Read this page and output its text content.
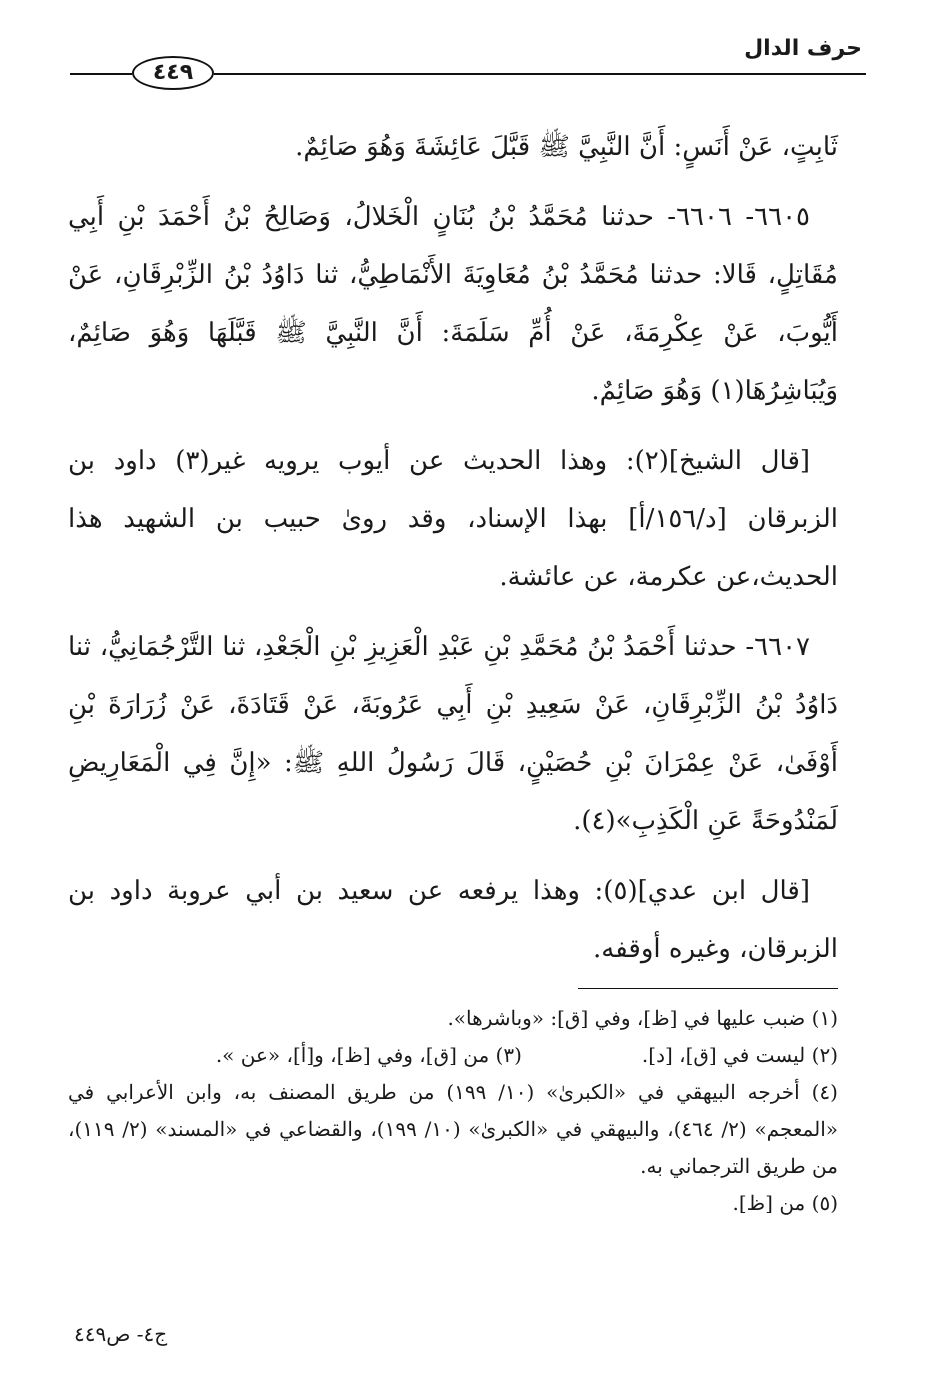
حرف الدال
٤٤٩

ثَابِتٍ، عَنْ أَنَسٍ: أَنَّ النَّبِيَّ ﷺ قَبَّلَ عَائِشَةَ وَهُوَ صَائِمٌ.

٦٦٠٥- ٦٦٠٦- حدثنا مُحَمَّدُ بْنُ بُنَانٍ الْخَلالُ، وَصَالِحُ بْنُ أَحْمَدَ بْنِ أَبِي مُقَاتِلٍ، قَالا: حدثنا مُحَمَّدُ بْنُ مُعَاوِيَةَ الأَنْمَاطِيُّ، ثنا دَاوُدُ بْنُ الزِّبْرِقَانِ، عَنْ أَيُّوبَ، عَنْ عِكْرِمَةَ، عَنْ أُمِّ سَلَمَةَ: أَنَّ النَّبِيَّ ﷺ قَبَّلَهَا وَهُوَ صَائِمٌ، وَيُبَاشِرُهَا(١) وَهُوَ صَائِمٌ.

[قال الشيخ](٢): وهذا الحديث عن أيوب يرويه غير(٣) داود بن الزبرقان [د/١٥٦/أ] بهذا الإسناد، وقد روىٰ حبيب بن الشهيد هذا الحديث،عن عكرمة، عن عائشة.

٦٦٠٧- حدثنا أَحْمَدُ بْنُ مُحَمَّدِ بْنِ عَبْدِ الْعَزِيزِ بْنِ الْجَعْدِ، ثنا التَّرْجُمَانِيُّ، ثنا دَاوُدُ بْنُ الزِّبْرِقَانِ، عَنْ سَعِيدِ بْنِ أَبِي عَرُوبَةَ، عَنْ قَتَادَةَ، عَنْ زُرَارَةَ بْنِ أَوْفَىٰ، عَنْ عِمْرَانَ بْنِ حُصَيْنٍ، قَالَ رَسُولُ اللهِ ﷺ: «إِنَّ فِي الْمَعَارِيضِ لَمَنْدُوحَةً عَنِ الْكَذِبِ»(٤).

[قال ابن عدي](٥): وهذا يرفعه عن سعيد بن أبي عروبة داود بن الزبرقان، وغيره أوقفه.

(١) ضبب عليها في [ظ]، وفي [ق]: «وباشرها».

(٢) ليست في [ق]، [د].

(٣) من [ق]، وفي [ظ]، و[أ]، «عن ».

(٤) أخرجه البيهقي في «الكبرىٰ» (١٠/ ١٩٩) من طريق المصنف به، وابن الأعرابي في «المعجم» (٢/ ٤٦٤)، والبيهقي في «الكبرىٰ» (١٠/ ١٩٩)، والقضاعي في «المسند» (٢/ ١١٩)، من طريق الترجماني به.

(٥) من [ظ].

ج٤- ص٤٤٩
